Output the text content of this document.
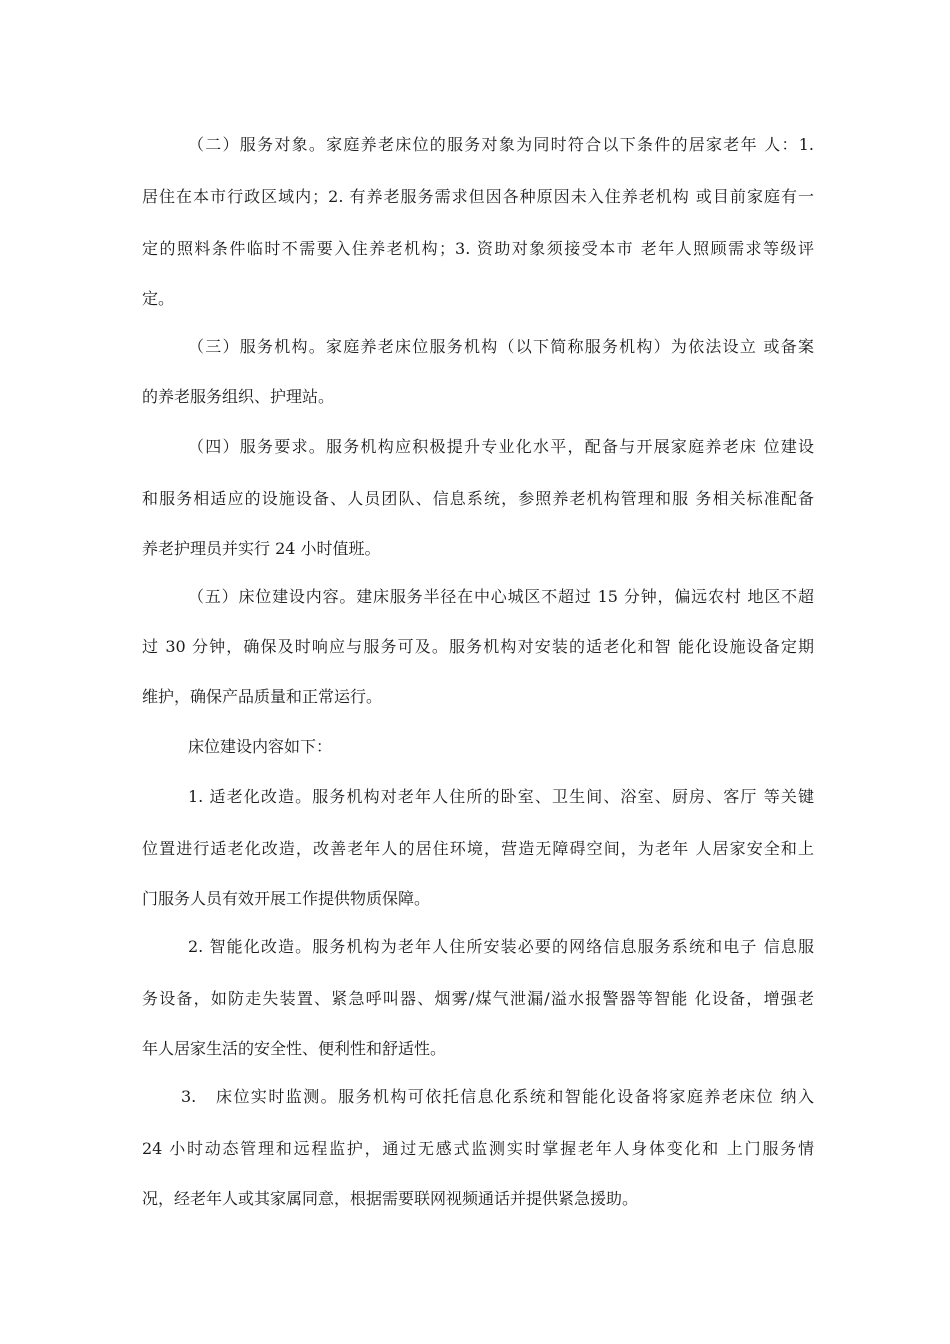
（二）服务对象。家庭养老床位的服务对象为同时符合以下条件的居家老年 人：1.
居住在本市行政区域内；2. 有养老服务需求但因各种原因未入住养老机构 或目前家庭有一
定的照料条件临时不需要入住养老机构；3. 资助对象须接受本市 老年人照顾需求等级评
定。
（三）服务机构。家庭养老床位服务机构（以下简称服务机构）为依法设立 或备案
的养老服务组织、护理站。
（四）服务要求。服务机构应积极提升专业化水平，配备与开展家庭养老床 位建设
和服务相适应的设施设备、人员团队、信息系统，参照养老机构管理和服 务相关标准配备
养老护理员并实行 24 小时值班。
（五）床位建设内容。建床服务半径在中心城区不超过 15 分钟，偏远农村 地区不超
过 30 分钟，确保及时响应与服务可及。服务机构对安装的适老化和智 能化设施设备定期
维护，确保产品质量和正常运行。
床位建设内容如下：
1. 适老化改造。服务机构对老年人住所的卧室、卫生间、浴室、厨房、客厅 等关键
位置进行适老化改造，改善老年人的居住环境，营造无障碍空间，为老年 人居家安全和上
门服务人员有效开展工作提供物质保障。
2. 智能化改造。服务机构为老年人住所安装必要的网络信息服务系统和电子 信息服
务设备，如防走失装置、紧急呼叫器、烟雾/煤气泄漏/溢水报警器等智能 化设备，增强老
年人居家生活的安全性、便利性和舒适性。
3. 床位实时监测。服务机构可依托信息化系统和智能化设备将家庭养老床位 纳入
24 小时动态管理和远程监护，通过无感式监测实时掌握老年人身体变化和 上门服务情
况，经老年人或其家属同意，根据需要联网视频通话并提供紧急援助。
